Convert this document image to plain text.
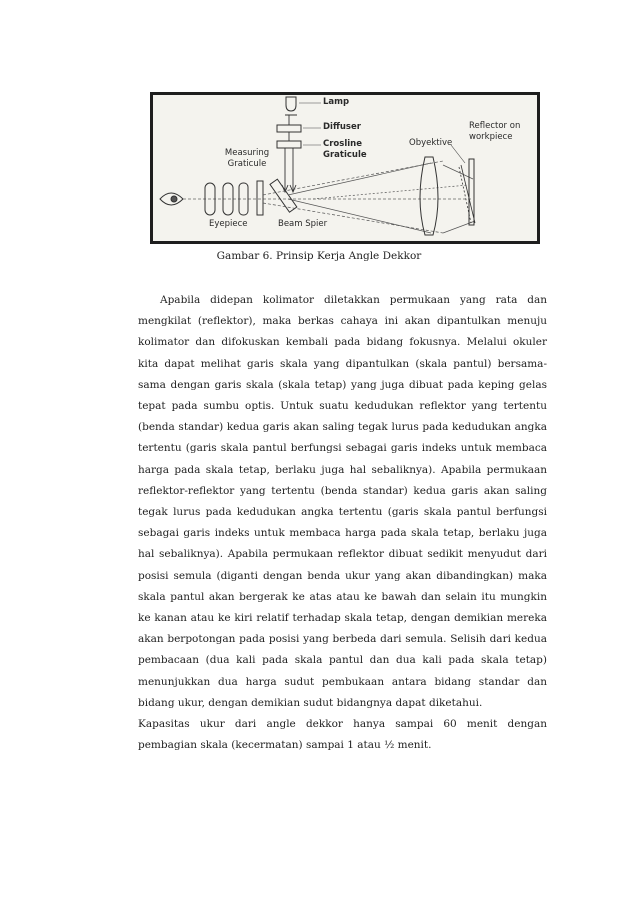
Lamp
Diffuser
Crosline
Graticule
Measuring
Graticule
Obyektive
Reflector on
workpiece
Eyepiece	Beam Spier
Gambar 6. Prinsip Kerja Angle Dekkor

Apabila didepan kolimator diletakkan permukaan yang rata dan mengkilat (reflektor), maka berkas cahaya ini akan dipantulkan menuju kolimator dan difokuskan kembali pada bidang fokusnya. Melalui okuler kita dapat melihat garis skala yang dipantulkan (skala pantul) bersama-sama dengan garis skala (skala tetap) yang juga dibuat pada keping gelas tepat pada sumbu optis. Untuk suatu kedudukan reflektor yang tertentu (benda standar) kedua garis akan saling tegak lurus pada kedudukan angka tertentu (garis skala pantul berfungsi sebagai garis indeks untuk membaca harga pada skala tetap, berlaku juga hal sebaliknya). Apabila permukaan reflektor-reflektor yang tertentu (benda standar) kedua garis akan saling tegak lurus pada kedudukan angka tertentu (garis skala pantul berfungsi sebagai garis indeks untuk membaca harga pada skala tetap, berlaku juga hal sebaliknya). Apabila permukaan reflektor dibuat sedikit menyudut dari posisi semula (diganti dengan benda ukur yang akan dibandingkan) maka skala pantul akan bergerak ke atas atau ke bawah dan selain itu mungkin ke kanan atau ke kiri relatif terhadap skala tetap, dengan demikian mereka akan berpotongan pada posisi yang berbeda dari semula. Selisih dari kedua pembacaan (dua kali pada skala pantul dan dua kali pada skala tetap) menunjukkan dua harga sudut pembukaan antara bidang standar dan bidang ukur, dengan demikian sudut bidangnya dapat diketahui.

Kapasitas ukur dari angle dekkor hanya sampai 60 menit dengan pembagian skala (kecermatan) sampai 1 atau ½ menit.
